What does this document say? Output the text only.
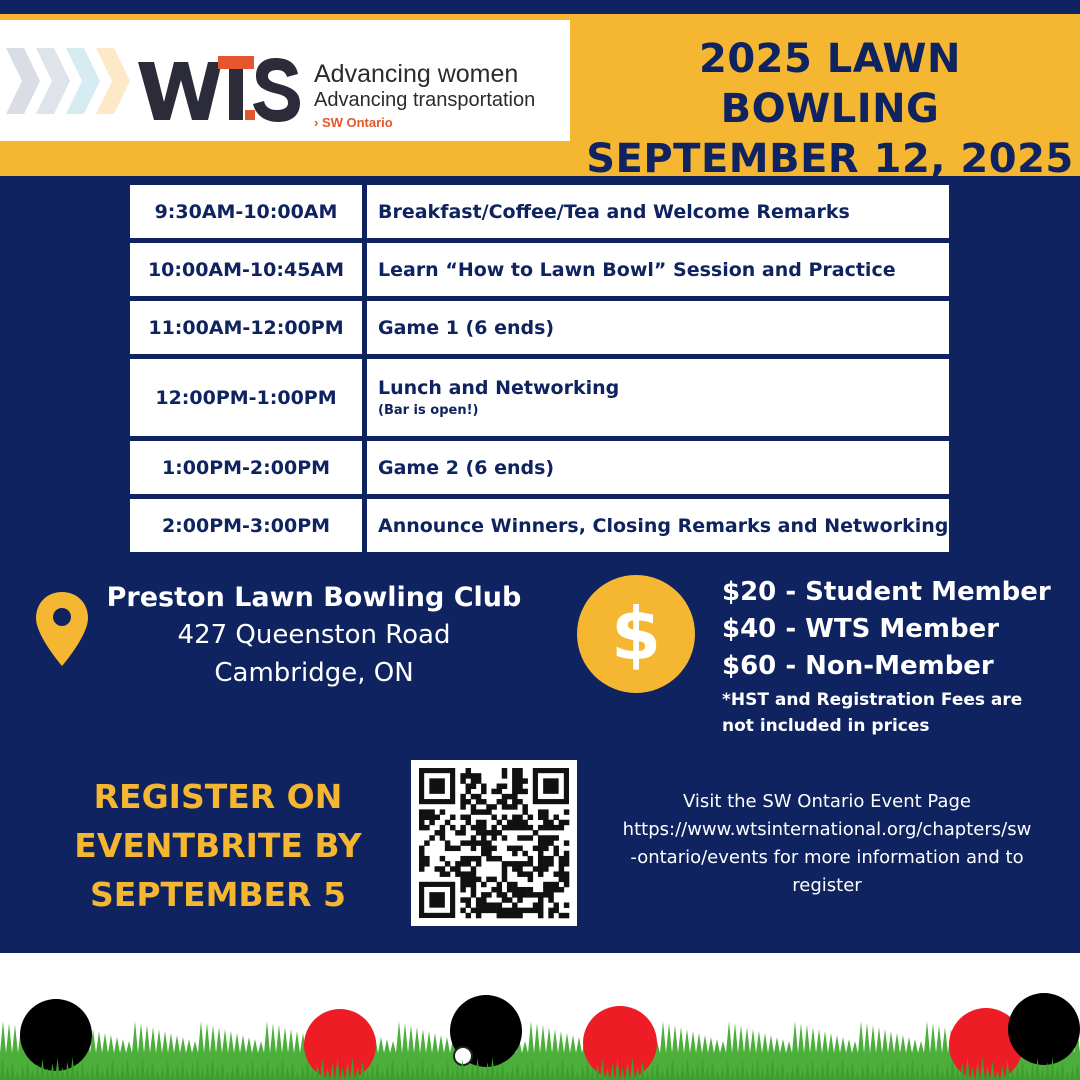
Advancing women
Advancing transportation
› SW Ontario
2025 LAWN BOWLING
SEPTEMBER 12, 2025
9:30AM-10:00AM	Breakfast/Coffee/Tea and Welcome Remarks
10:00AM-10:45AM	Learn “How to Lawn Bowl” Session and Practice
11:00AM-12:00PM	Game 1 (6 ends)
12:00PM-1:00PM	Lunch and Networking
(Bar is open!)
1:00PM-2:00PM	Game 2 (6 ends)
2:00PM-3:00PM	Announce Winners, Closing Remarks and Networking
Preston Lawn Bowling Club
427 Queenston Road
Cambridge, ON	$	$20 - Student Member
$40 - WTS Member
$60 - Non-Member
*HST and Registration Fees are
not included in prices
REGISTER ON
EVENTBRITE BY
SEPTEMBER 5
Visit the SW Ontario Event Page
https://www.wtsinternational.org/chapters/sw
-ontario/events for more information and to
register
